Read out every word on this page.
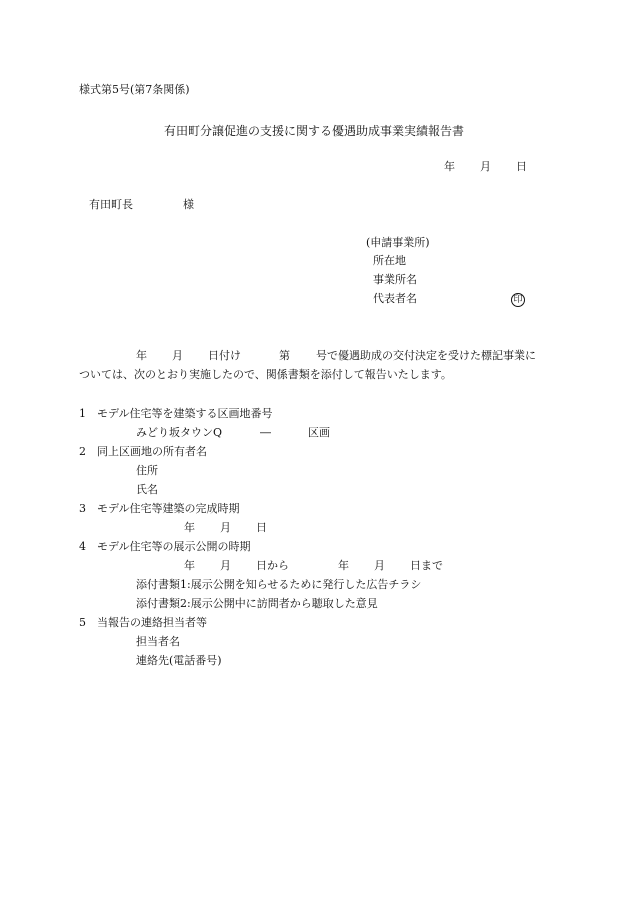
様式第5号(第7条関係)
有田町分譲促進の支援に関する優遇助成事業実績報告書
年 月 日
有田町長	様
(申請事業所)
所在地
事業所名
代表者名	印
年 月 日付け	第 号で優遇助成の交付決定を受けた標記事業に
ついては、次のとおり実施したので、関係書類を添付して報告いたします。
1 モデル住宅等を建築する区画地番号
みどり坂タウンQ	―	区画
2 同上区画地の所有者名
住所
氏名
3 モデル住宅等建築の完成時期
年 月 日
4 モデル住宅等の展示公開の時期
年 月 日から	年 月 日まで
添付書類1:展示公開を知らせるために発行した広告チラシ
添付書類2:展示公開中に訪問者から聴取した意見
5 当報告の連絡担当者等
担当者名
連絡先(電話番号)
